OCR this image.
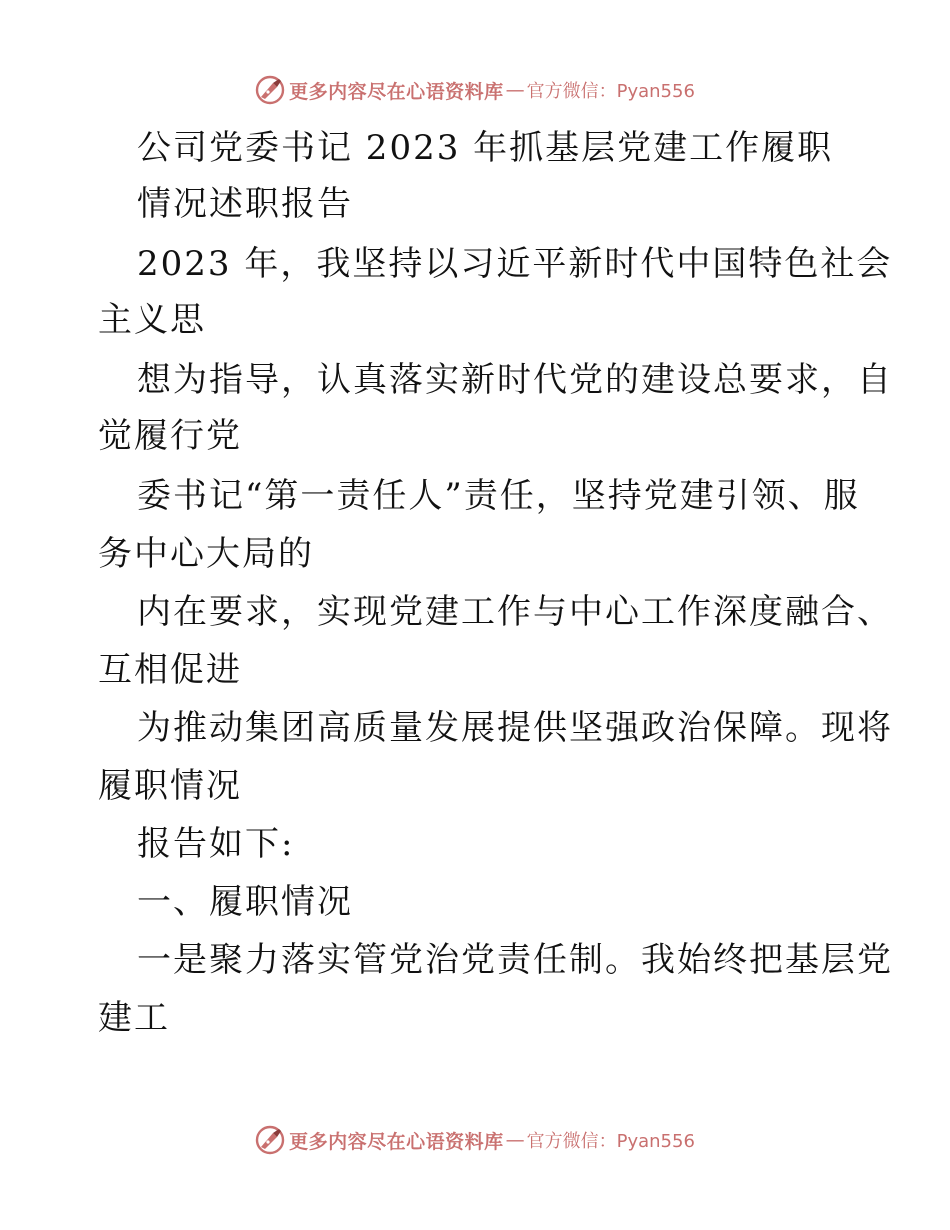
更多内容尽在心语资料库 — 官方微信：Pyan556
公司党委书记 2023 年抓基层党建工作履职
情况述职报告
2023 年，我坚持以习近平新时代中国特色社会
主义思
想为指导，认真落实新时代党的建设总要求，自
觉履行党
委书记“第一责任人”责任，坚持党建引领、服
务中心大局的
内在要求，实现党建工作与中心工作深度融合、
互相促进
为推动集团高质量发展提供坚强政治保障。现将
履职情况
报告如下:
一、履职情况
一是聚力落实管党治党责任制。我始终把基层党
建工
更多内容尽在心语资料库 — 官方微信：Pyan556
